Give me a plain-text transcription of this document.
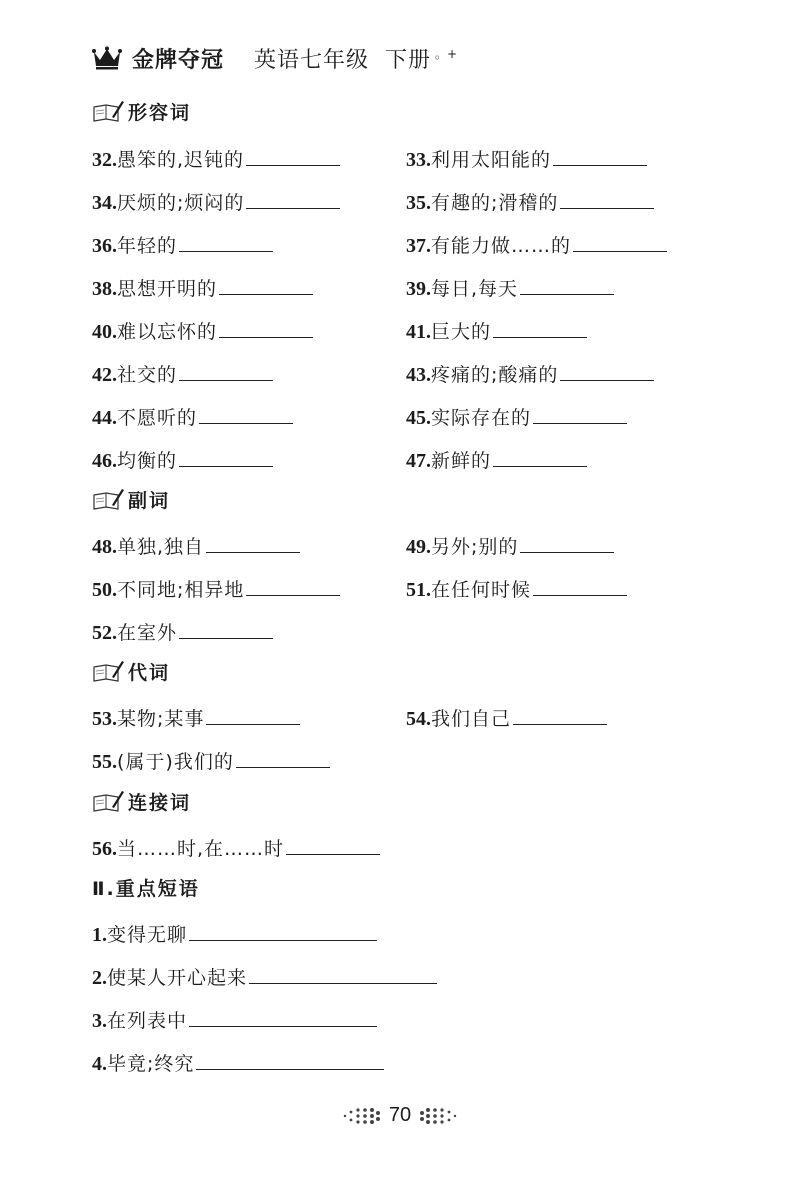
金牌夺冠 英语七年级 下册 。+
形容词
32. 愚笨的,迟钝的	33. 利用太阳能的
34. 厌烦的;烦闷的	35. 有趣的;滑稽的
36. 年轻的	37. 有能力做……的
38. 思想开明的	39. 每日,每天
40. 难以忘怀的	41. 巨大的
42. 社交的	43. 疼痛的;酸痛的
44. 不愿听的	45. 实际存在的
46. 均衡的	47. 新鲜的
副词
48. 单独,独自	49. 另外;别的
50. 不同地;相异地	51. 在任何时候
52. 在室外
代词
53. 某物;某事	54. 我们自己
55. (属于)我们的
连接词
56. 当……时,在……时
Ⅱ.重点短语
1. 变得无聊
2. 使某人开心起来
3. 在列表中
4. 毕竟;终究
70
